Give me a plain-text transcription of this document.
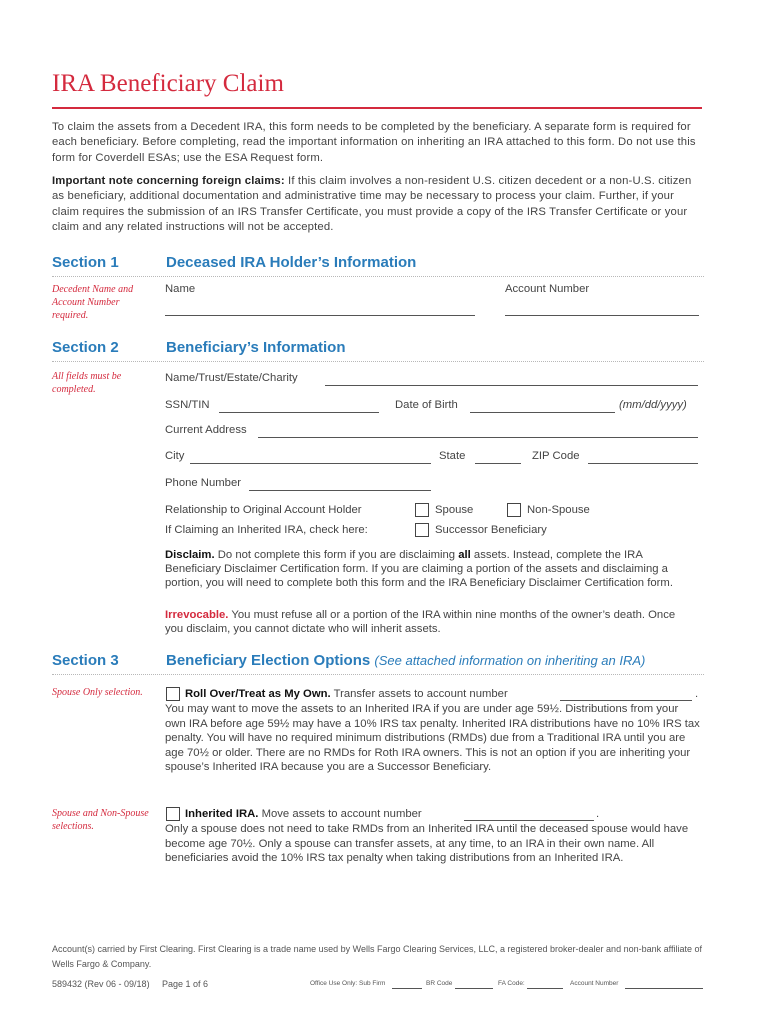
IRA Beneficiary Claim
To claim the assets from a Decedent IRA, this form needs to be completed by the beneficiary. A separate form is required for each beneficiary. Before completing, read the important information on inheriting an IRA attached to this form. Do not use this form for Coverdell ESAs; use the ESA Request form.
Important note concerning foreign claims: If this claim involves a non-resident U.S. citizen decedent or a non-U.S. citizen as beneficiary, additional documentation and administrative time may be necessary to process your claim. Further, if your claim requires the submission of an IRS Transfer Certificate, you must provide a copy of the IRS Transfer Certificate or your claim and any related instructions will not be accepted.
Section 1	Deceased IRA Holder’s Information
Decedent Name and Account Number required.
Name	Account Number
Section 2	Beneficiary’s Information
All fields must be completed.
Name/Trust/Estate/Charity
SSN/TIN	Date of Birth	(mm/dd/yyyy)
Current Address
City	State	ZIP Code
Phone Number
Relationship to Original Account Holder	Spouse	Non-Spouse
If Claiming an Inherited IRA, check here:	Successor Beneficiary
Disclaim. Do not complete this form if you are disclaiming all assets. Instead, complete the IRA Beneficiary Disclaimer Certification form. If you are claiming a portion of the assets and disclaiming a portion, you will need to complete both this form and the IRA Beneficiary Disclaimer Certification form.
Irrevocable. You must refuse all or a portion of the IRA within nine months of the owner’s death. Once you disclaim, you cannot dictate who will inherit assets.
Section 3	Beneficiary Election Options (See attached information on inheriting an IRA)
Spouse Only selection.	Roll Over/Treat as My Own. Transfer assets to account number	.
You may want to move the assets to an Inherited IRA if you are under age 59½. Distributions from your own IRA before age 59½ may have a 10% IRS tax penalty. Inherited IRA distributions have no 10% IRS tax penalty. You will have no required minimum distributions (RMDs) due from a Traditional IRA until you are age 70½ or older. There are no RMDs for Roth IRA owners. This is not an option if you are inheriting your spouse’s Inherited IRA because you are a Successor Beneficiary.
Spouse and Non-Spouse selections.
Inherited IRA. Move assets to account number	.
Only a spouse does not need to take RMDs from an Inherited IRA until the deceased spouse would have become age 70½. Only a spouse can transfer assets, at any time, to an IRA in their own name. All beneficiaries avoid the 10% IRS tax penalty when taking distributions from an Inherited IRA.
Account(s) carried by First Clearing. First Clearing is a trade name used by Wells Fargo Clearing Services, LLC, a registered broker-dealer and non-bank affiliate of Wells Fargo & Company.
589432 (Rev 06 - 09/18) Page 1 of 6	Office Use Only: Sub Firm	BR Code	FA Code:	Account Number
